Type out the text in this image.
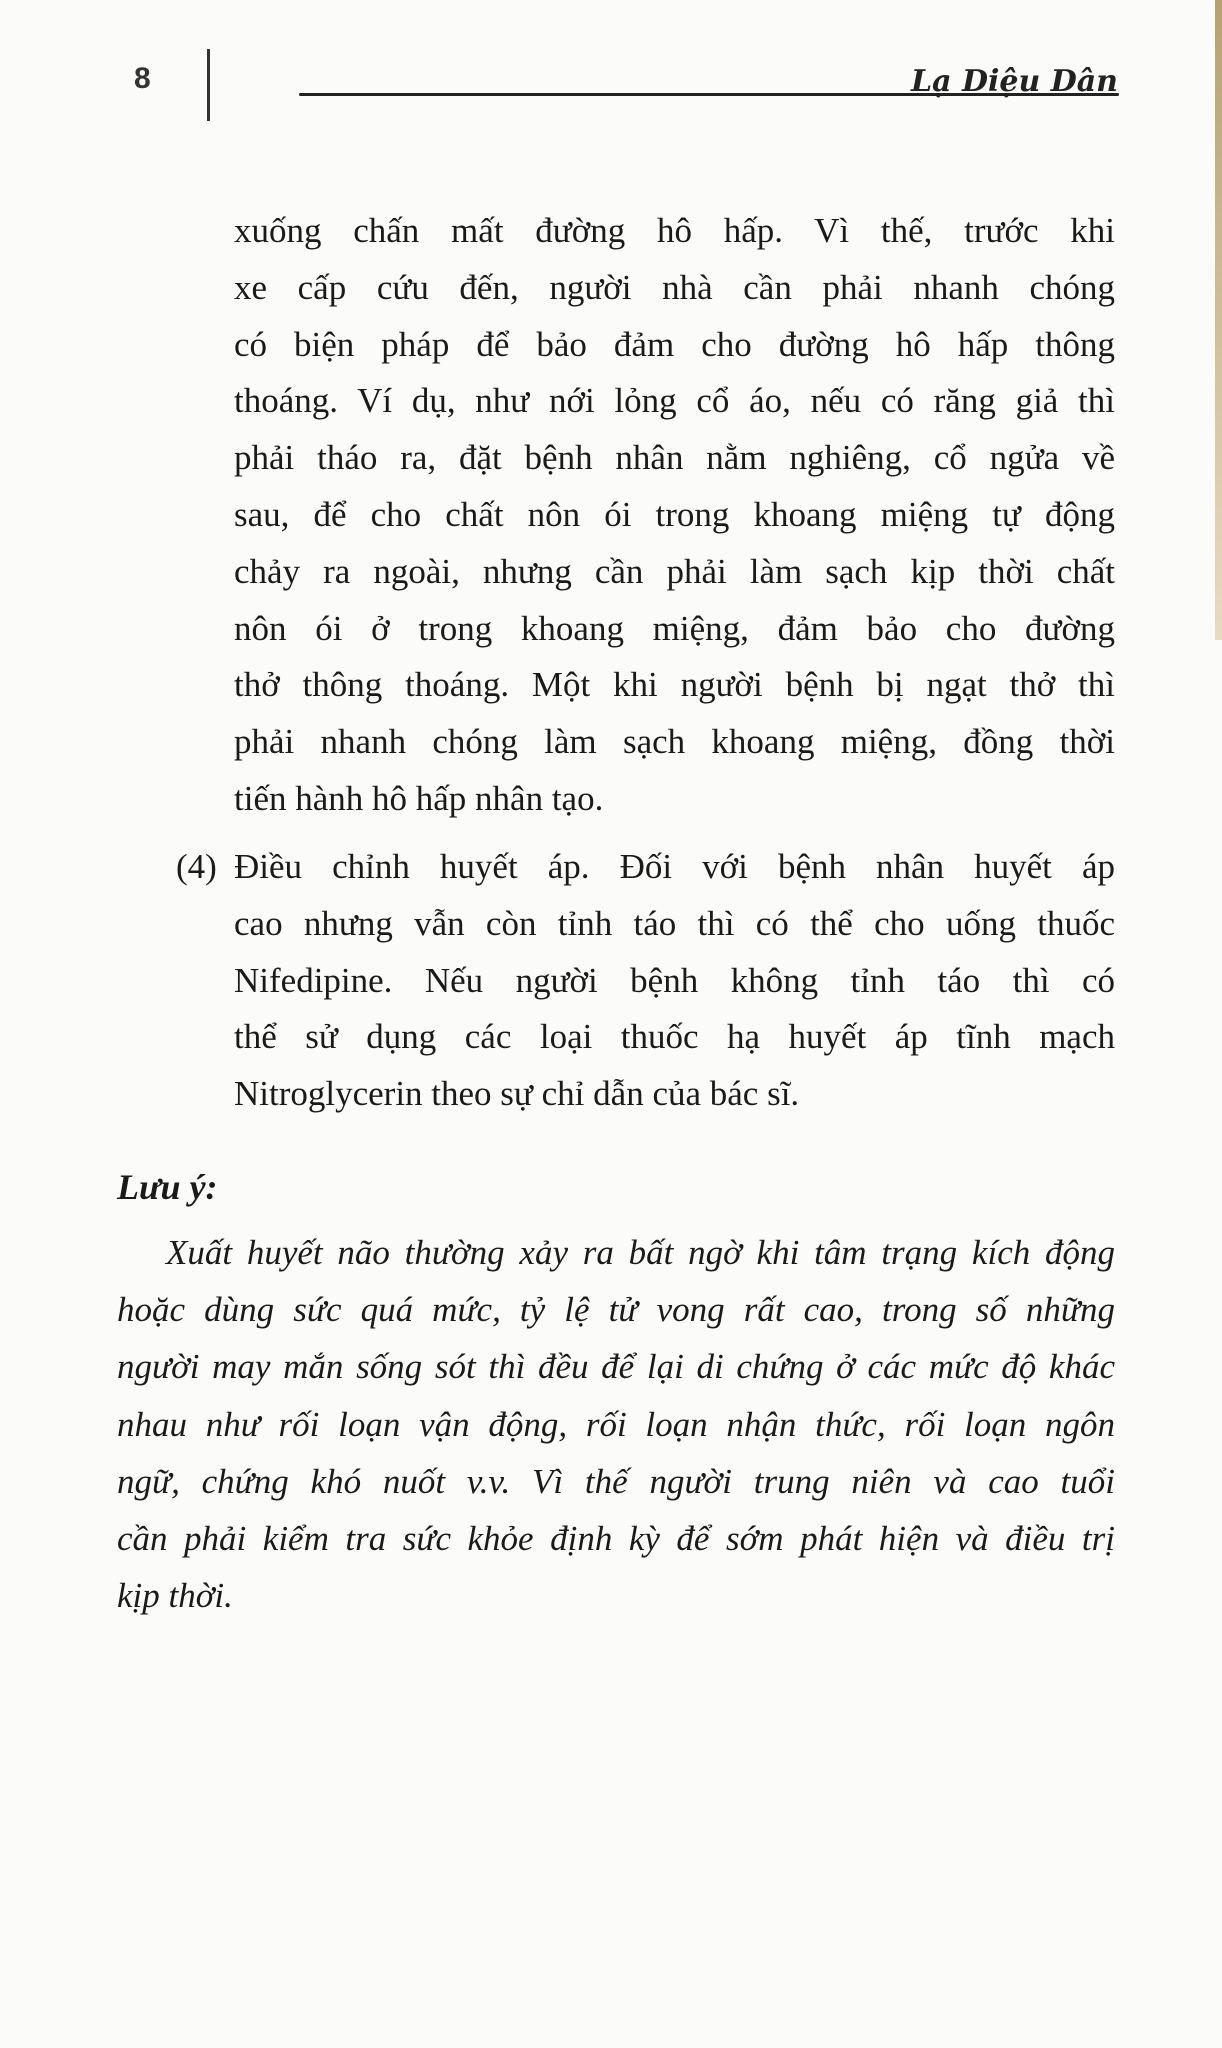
8	Lạ Diệu Dân
xuống chấn mất đường hô hấp. Vì thế, trước khi
xe cấp cứu đến, người nhà cần phải nhanh chóng
có biện pháp để bảo đảm cho đường hô hấp thông
thoáng. Ví dụ, như nới lỏng cổ áo, nếu có răng giả thì
phải tháo ra, đặt bệnh nhân nằm nghiêng, cổ ngửa về
sau, để cho chất nôn ói trong khoang miệng tự động
chảy ra ngoài, nhưng cần phải làm sạch kịp thời chất
nôn ói ở trong khoang miệng, đảm bảo cho đường
thở thông thoáng. Một khi người bệnh bị ngạt thở thì
phải nhanh chóng làm sạch khoang miệng, đồng thời
tiến hành hô hấp nhân tạo.
(4) Điều chỉnh huyết áp. Đối với bệnh nhân huyết áp
cao nhưng vẫn còn tỉnh táo thì có thể cho uống thuốc
Nifedipine. Nếu người bệnh không tỉnh táo thì có
thể sử dụng các loại thuốc hạ huyết áp tĩnh mạch
Nitroglycerin theo sự chỉ dẫn của bác sĩ.
Lưu ý:
Xuất huyết não thường xảy ra bất ngờ khi tâm trạng kích động
hoặc dùng sức quá mức, tỷ lệ tử vong rất cao, trong số những
người may mắn sống sót thì đều để lại di chứng ở các mức độ khác
nhau như rối loạn vận động, rối loạn nhận thức, rối loạn ngôn
ngữ, chứng khó nuốt v.v. Vì thế người trung niên và cao tuổi
cần phải kiểm tra sức khỏe định kỳ để sớm phát hiện và điều trị
kịp thời.
